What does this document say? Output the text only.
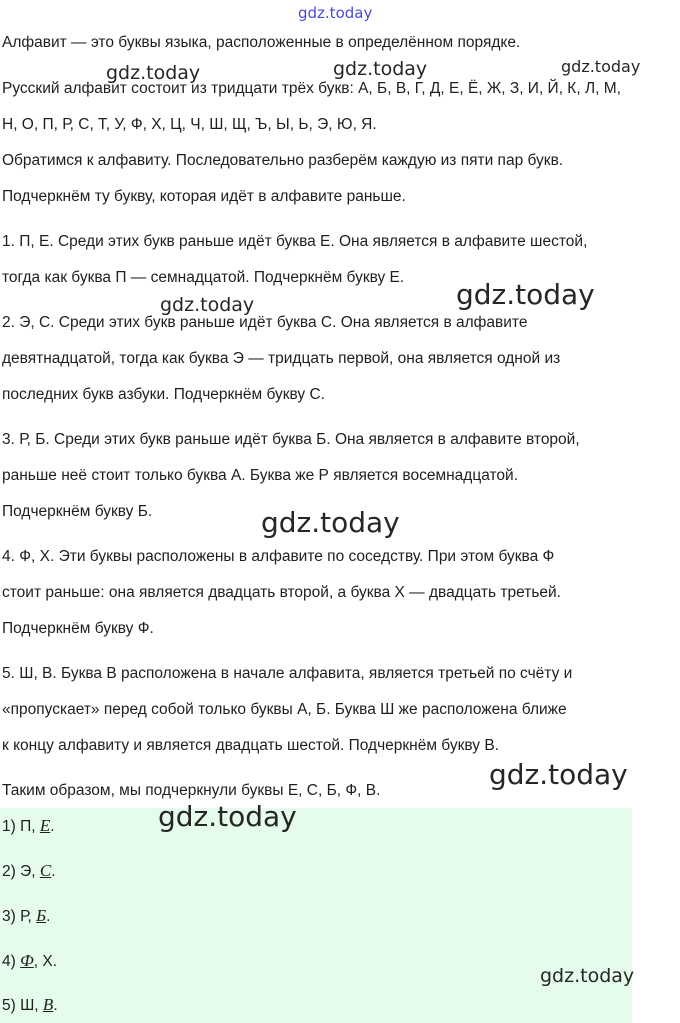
gdz.today
gdz.today	gdz.today	gdz.today
gdz.today	gdz.today
gdz.today
gdz.today
Алфавит — это буквы языка, расположенные в определённом порядке.
Русский алфавит состоит из тридцати трёх букв: А, Б, В, Г, Д, Е, Ё, Ж, З, И, Й, К, Л, М,
Н, О, П, Р, С, Т, У, Ф, Х, Ц, Ч, Ш, Щ, Ъ, Ы, Ь, Э, Ю, Я.
Обратимся к алфавиту. Последовательно разберём каждую из пяти пар букв.
Подчеркнём ту букву, которая идёт в алфавите раньше.
1. П, Е. Среди этих букв раньше идёт буква Е. Она является в алфавите шестой,
тогда как буква П — семнадцатой. Подчеркнём букву Е.
2. Э, С. Среди этих букв раньше идёт буква С. Она является в алфавите
девятнадцатой, тогда как буква Э — тридцать первой, она является одной из
последних букв азбуки. Подчеркнём букву С.
3. Р, Б. Среди этих букв раньше идёт буква Б. Она является в алфавите второй,
раньше неё стоит только буква А. Буква же Р является восемнадцатой.
Подчеркнём букву Б.
4. Ф, Х. Эти буквы расположены в алфавите по соседству. При этом буква Ф
стоит раньше: она является двадцать второй, а буква Х — двадцать третьей.
Подчеркнём букву Ф.
5. Ш, В. Буква В расположена в начале алфавита, является третьей по счёту и
«пропускает» перед собой только буквы А, Б. Буква Ш же расположена ближе
к концу алфавиту и является двадцать шестой. Подчеркнём букву В.
Таким образом, мы подчеркнули буквы Е, С, Б, Ф, В.
gdz.today
gdz.today
1) П, Е.
2) Э, С.
3) Р, Б.
4) Ф, Х.
5) Ш, В.
